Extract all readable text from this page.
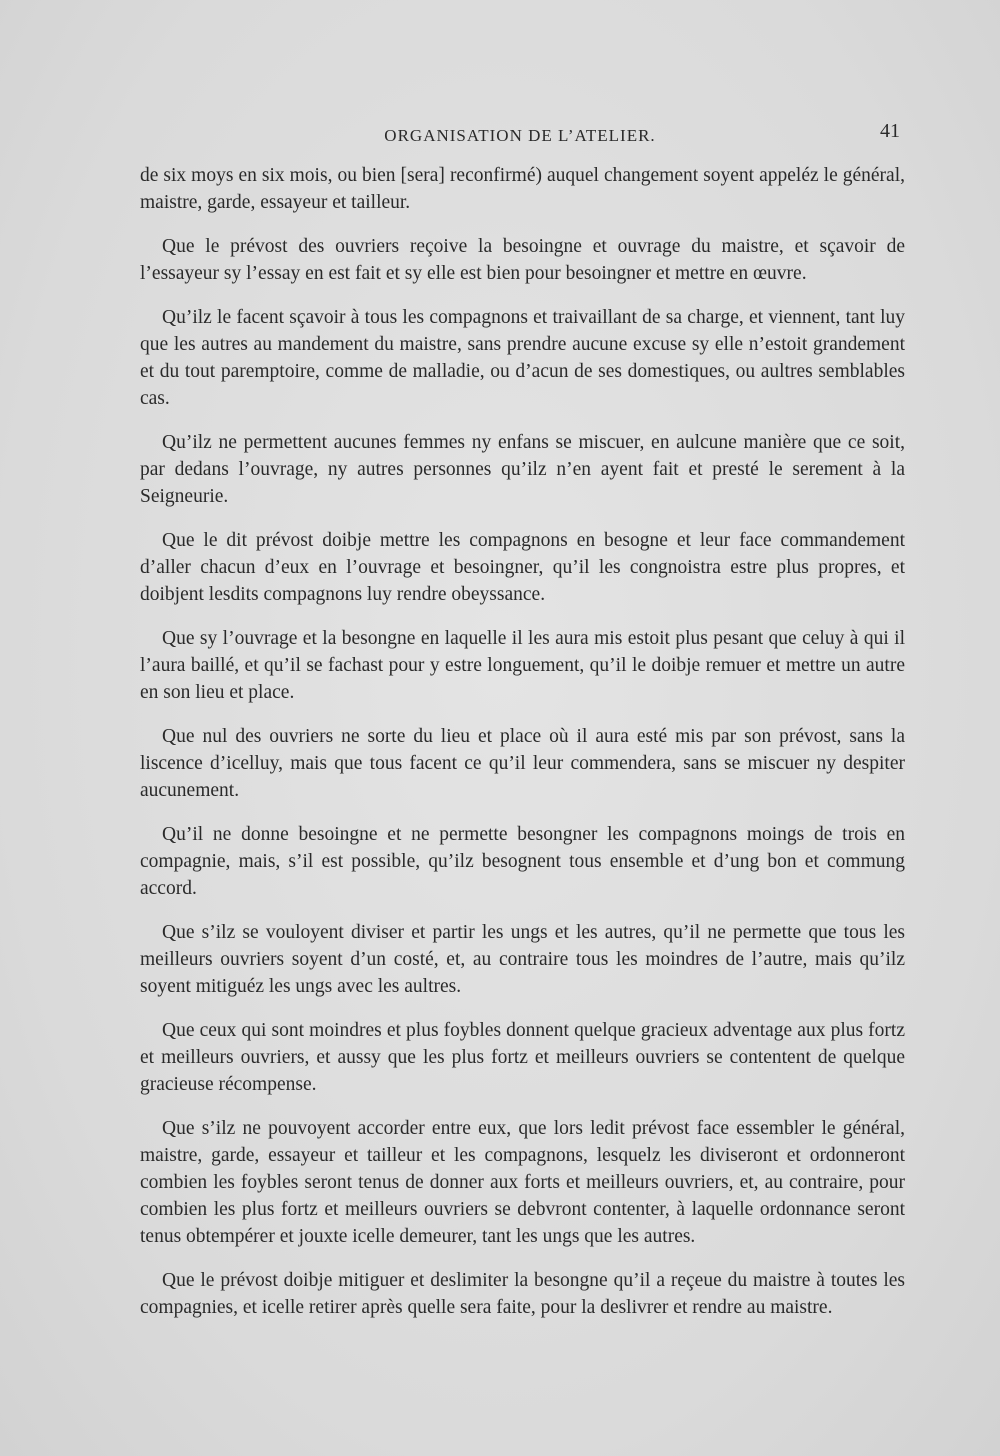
ORGANISATION DE L’ATELIER.	41

de six moys en six mois, ou bien [sera] reconfirmé) auquel changement soyent appeléz le général, maistre, garde, essayeur et tailleur.

Que le prévost des ouvriers reçoive la besoingne et ouvrage du maistre, et sçavoir de l’essayeur sy l’essay en est fait et sy elle est bien pour besoingner et mettre en œuvre.

Qu’ilz le facent sçavoir à tous les compagnons et traivaillant de sa charge, et viennent, tant luy que les autres au mandement du maistre, sans prendre aucune excuse sy elle n’estoit grandement et du tout paremptoire, comme de malladie, ou d’acun de ses domestiques, ou aultres semblables cas.

Qu’ilz ne permettent aucunes femmes ny enfans se miscuer, en aulcune manière que ce soit, par dedans l’ouvrage, ny autres personnes qu’ilz n’en ayent fait et presté le serement à la Seigneurie.

Que le dit prévost doibje mettre les compagnons en besogne et leur face commandement d’aller chacun d’eux en l’ouvrage et besoingner, qu’il les congnoistra estre plus propres, et doibjent lesdits compagnons luy rendre obeyssance.

Que sy l’ouvrage et la besongne en laquelle il les aura mis estoit plus pesant que celuy à qui il l’aura baillé, et qu’il se fachast pour y estre longuement, qu’il le doibje remuer et mettre un autre en son lieu et place.

Que nul des ouvriers ne sorte du lieu et place où il aura esté mis par son prévost, sans la liscence d’icelluy, mais que tous facent ce qu’il leur commendera, sans se miscuer ny despiter aucunement.

Qu’il ne donne besoingne et ne permette besongner les compagnons moings de trois en compagnie, mais, s’il est possible, qu’ilz besognent tous ensemble et d’ung bon et commung accord.

Que s’ilz se vouloyent diviser et partir les ungs et les autres, qu’il ne permette que tous les meilleurs ouvriers soyent d’un costé, et, au contraire tous les moindres de l’autre, mais qu’ilz soyent mitiguéz les ungs avec les aultres.

Que ceux qui sont moindres et plus foybles donnent quelque gracieux adventage aux plus fortz et meilleurs ouvriers, et aussy que les plus fortz et meilleurs ouvriers se contentent de quelque gracieuse récompense.

Que s’ilz ne pouvoyent accorder entre eux, que lors ledit prévost face essembler le général, maistre, garde, essayeur et tailleur et les compagnons, lesquelz les diviseront et ordonneront combien les foybles seront tenus de donner aux forts et meilleurs ouvriers, et, au contraire, pour combien les plus fortz et meilleurs ouvriers se debvront contenter, à laquelle ordonnance seront tenus obtempérer et jouxte icelle demeurer, tant les ungs que les autres.

Que le prévost doibje mitiguer et deslimiter la besongne qu’il a reçeue du maistre à toutes les compagnies, et icelle retirer après quelle sera faite, pour la deslivrer et rendre au maistre.
